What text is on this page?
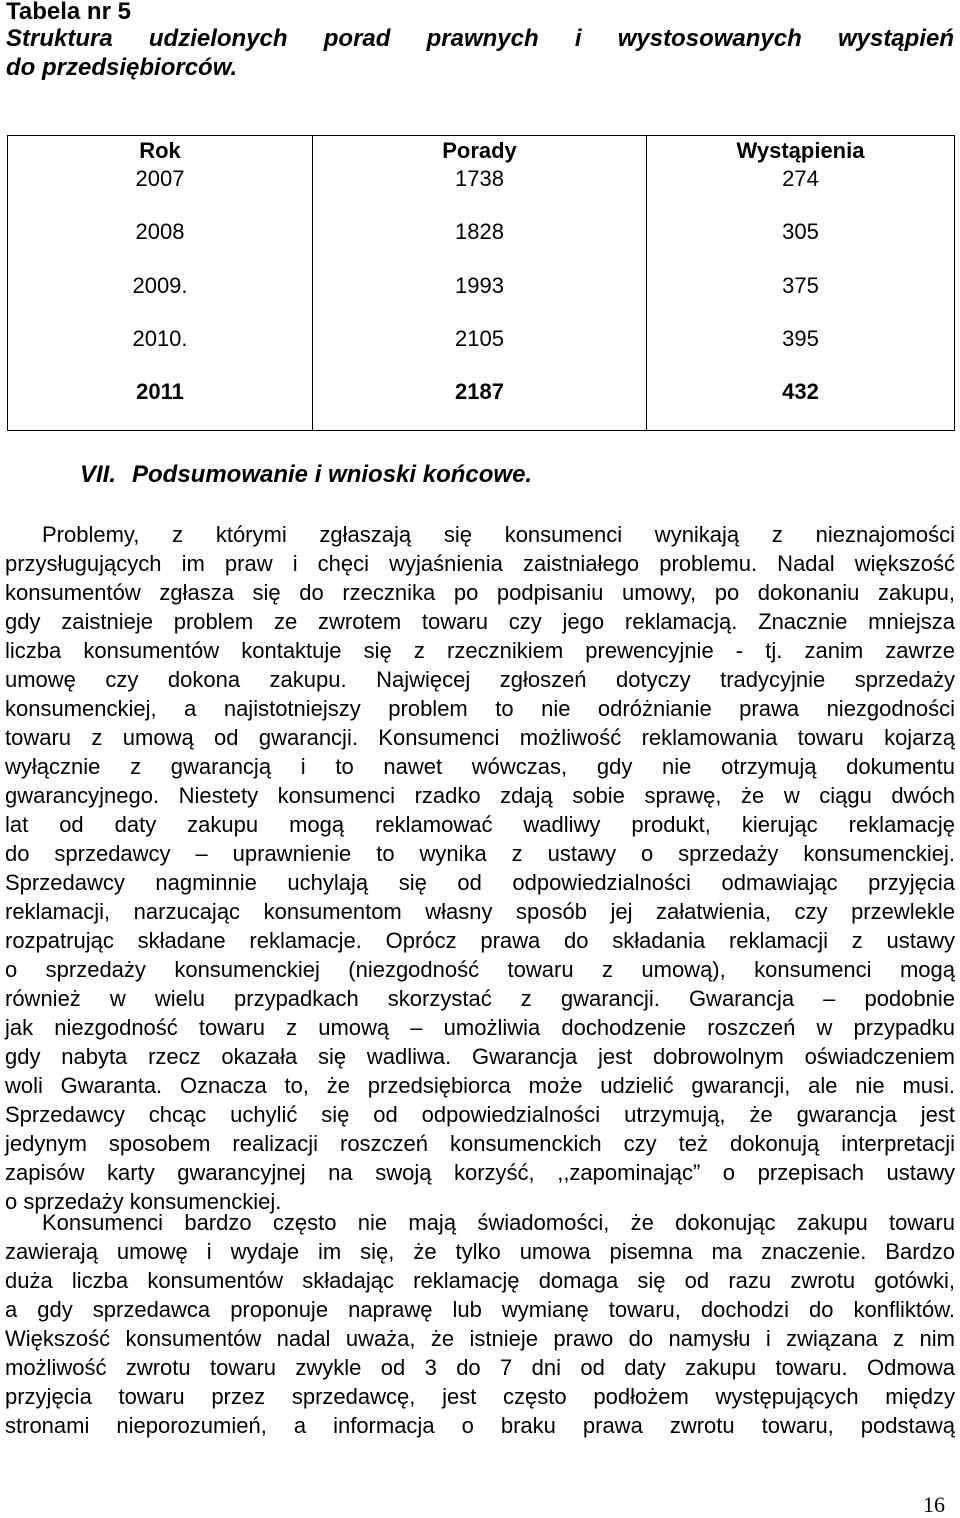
Tabela nr 5
Struktura udzielonych porad prawnych i wystosowanych wystąpień
do przedsiębiorców.
Rok	Porady	Wystąpienia
2007	1738	274
2008	1828	305
2009.	1993	375
2010.	2105	395
2011	2187	432
VII. Podsumowanie i wnioski końcowe.
Problemy, z którymi zgłaszają się konsumenci wynikają z nieznajomości
przysługujących im praw i chęci wyjaśnienia zaistniałego problemu. Nadal większość
konsumentów zgłasza się do rzecznika po podpisaniu umowy, po dokonaniu zakupu,
gdy zaistnieje problem ze zwrotem towaru czy jego reklamacją. Znacznie mniejsza
liczba konsumentów kontaktuje się z rzecznikiem prewencyjnie - tj. zanim zawrze
umowę czy dokona zakupu. Najwięcej zgłoszeń dotyczy tradycyjnie sprzedaży
konsumenckiej, a najistotniejszy problem to nie odróżnianie prawa niezgodności
towaru z umową od gwarancji. Konsumenci możliwość reklamowania towaru kojarzą
wyłącznie z gwarancją i to nawet wówczas, gdy nie otrzymują dokumentu
gwarancyjnego. Niestety konsumenci rzadko zdają sobie sprawę, że w ciągu dwóch
lat od daty zakupu mogą reklamować wadliwy produkt, kierując reklamację
do sprzedawcy – uprawnienie to wynika z ustawy o sprzedaży konsumenckiej.
Sprzedawcy nagminnie uchylają się od odpowiedzialności odmawiając przyjęcia
reklamacji, narzucając konsumentom własny sposób jej załatwienia, czy przewlekle
rozpatrując składane reklamacje. Oprócz prawa do składania reklamacji z ustawy
o sprzedaży konsumenckiej (niezgodność towaru z umową), konsumenci mogą
również w wielu przypadkach skorzystać z gwarancji. Gwarancja – podobnie
jak niezgodność towaru z umową – umożliwia dochodzenie roszczeń w przypadku
gdy nabyta rzecz okazała się wadliwa. Gwarancja jest dobrowolnym oświadczeniem
woli Gwaranta. Oznacza to, że przedsiębiorca może udzielić gwarancji, ale nie musi.
Sprzedawcy chcąc uchylić się od odpowiedzialności utrzymują, że gwarancja jest
jedynym sposobem realizacji roszczeń konsumenckich czy też dokonują interpretacji
zapisów karty gwarancyjnej na swoją korzyść, ,,zapominając” o przepisach ustawy
o sprzedaży konsumenckiej.
Konsumenci bardzo często nie mają świadomości, że dokonując zakupu towaru
zawierają umowę i wydaje im się, że tylko umowa pisemna ma znaczenie. Bardzo
duża liczba konsumentów składając reklamację domaga się od razu zwrotu gotówki,
a gdy sprzedawca proponuje naprawę lub wymianę towaru, dochodzi do konfliktów.
Większość konsumentów nadal uważa, że istnieje prawo do namysłu i związana z nim
możliwość zwrotu towaru zwykle od 3 do 7 dni od daty zakupu towaru. Odmowa
przyjęcia towaru przez sprzedawcę, jest często podłożem występujących między
stronami nieporozumień, a informacja o braku prawa zwrotu towaru, podstawą
16
